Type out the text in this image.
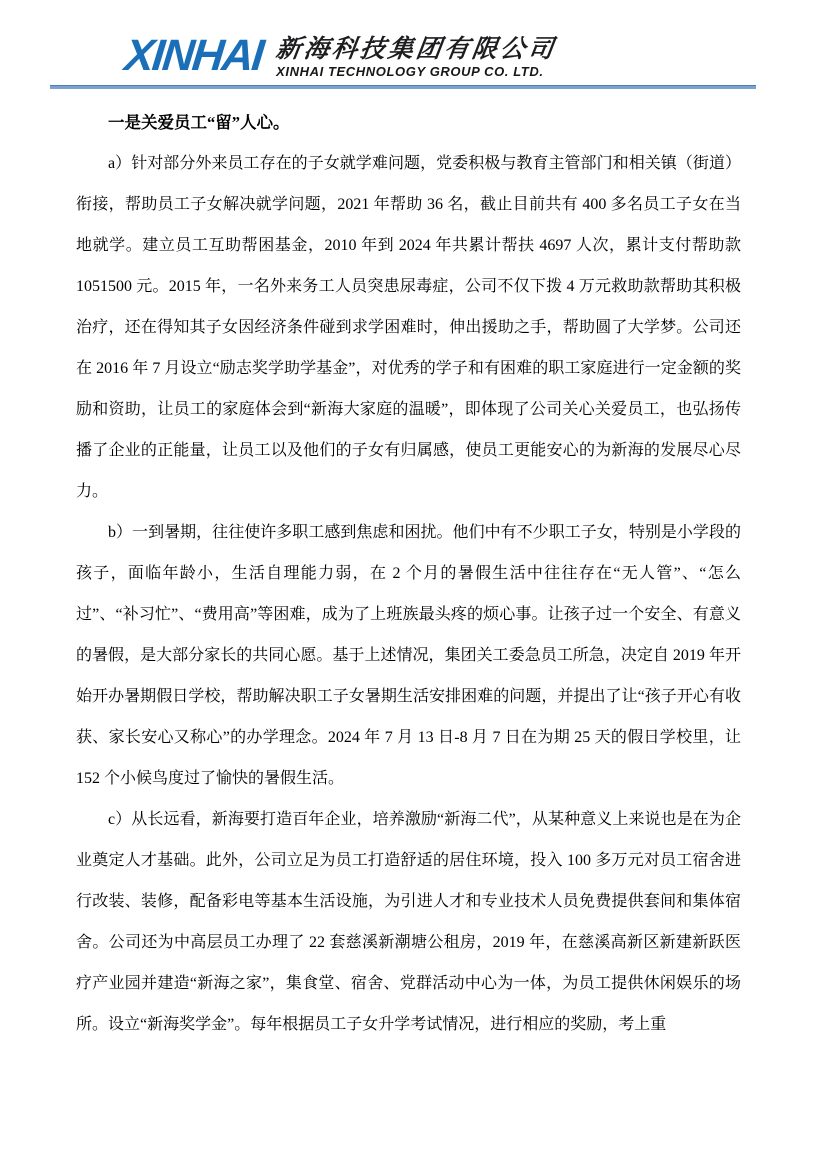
XINHAI 新海科技集团有限公司
XINHAI TECHNOLOGY GROUP CO. LTD.

一是关爱员工“留”人心。

a）针对部分外来员工存在的子女就学难问题，党委积极与教育主管部门和相关镇（街道）衔接，帮助员工子女解决就学问题，2021 年帮助 36 名，截止目前共有 400 多名员工子女在当地就学。建立员工互助帮困基金，2010 年到 2024 年共累计帮扶 4697 人次，累计支付帮助款 1051500 元。2015 年，一名外来务工人员突患尿毒症，公司不仅下拨 4 万元救助款帮助其积极治疗，还在得知其子女因经济条件碰到求学困难时，伸出援助之手，帮助圆了大学梦。公司还在 2016 年 7 月设立“励志奖学助学基金”，对优秀的学子和有困难的职工家庭进行一定金额的奖励和资助，让员工的家庭体会到“新海大家庭的温暖”，即体现了公司关心关爱员工，也弘扬传播了企业的正能量，让员工以及他们的子女有归属感，使员工更能安心的为新海的发展尽心尽力。

b）一到暑期，往往使许多职工感到焦虑和困扰。他们中有不少职工子女，特别是小学段的孩子，面临年龄小，生活自理能力弱，在 2 个月的暑假生活中往往存在“无人管”、“怎么过”、“补习忙”、“费用高”等困难，成为了上班族最头疼的烦心事。让孩子过一个安全、有意义的暑假，是大部分家长的共同心愿。基于上述情况，集团关工委急员工所急，决定自 2019 年开始开办暑期假日学校，帮助解决职工子女暑期生活安排困难的问题，并提出了让“孩子开心有收获、家长安心又称心”的办学理念。2024 年 7 月 13 日-8 月 7 日在为期 25 天的假日学校里，让 152 个小候鸟度过了愉快的暑假生活。

c）从长远看，新海要打造百年企业，培养激励“新海二代”，从某种意义上来说也是在为企业奠定人才基础。此外，公司立足为员工打造舒适的居住环境，投入 100 多万元对员工宿舍进行改装、装修，配备彩电等基本生活设施，为引进人才和专业技术人员免费提供套间和集体宿舍。公司还为中高层员工办理了 22 套慈溪新潮塘公租房，2019 年，在慈溪高新区新建新跃医疗产业园并建造“新海之家”，集食堂、宿舍、党群活动中心为一体，为员工提供休闲娱乐的场所。设立“新海奖学金”。每年根据员工子女升学考试情况，进行相应的奖励，考上重
